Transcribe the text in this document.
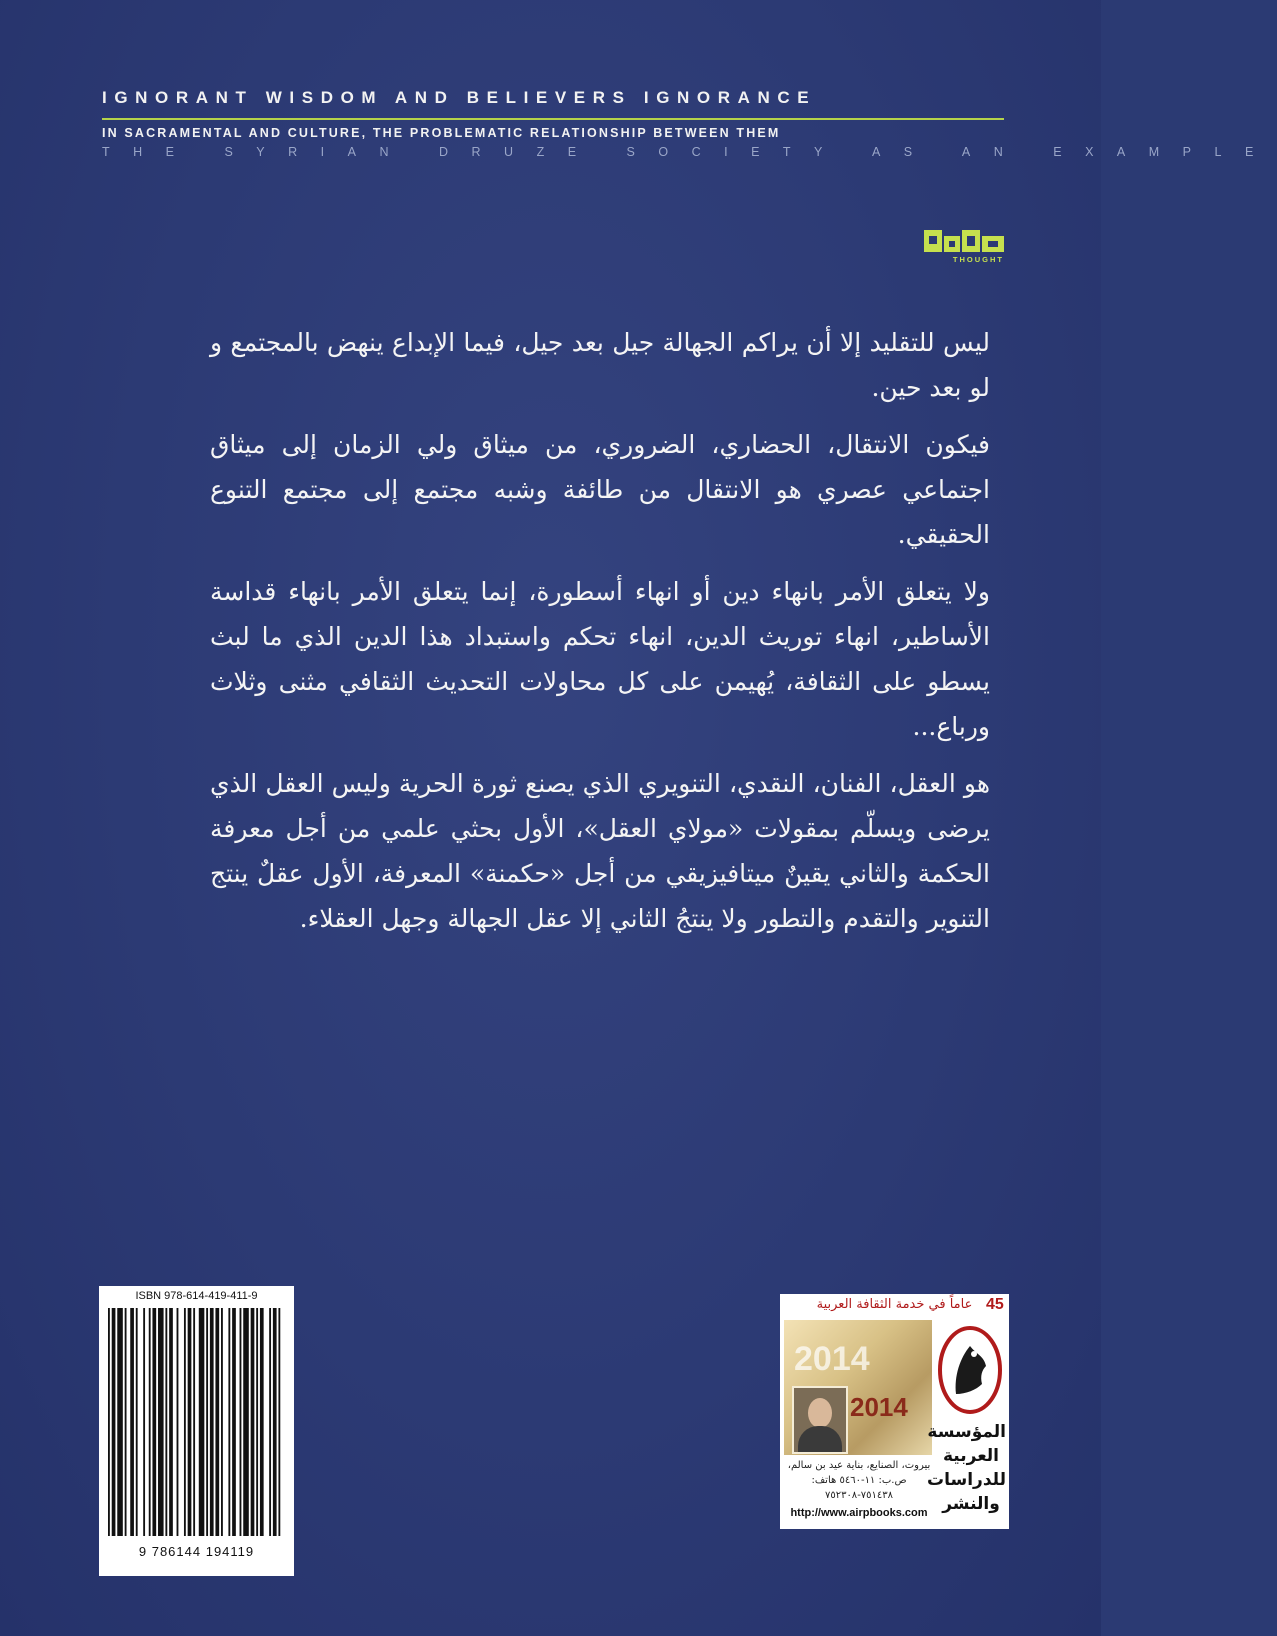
IGNORANT WISDOM AND BELIEVERS IGNORANCE
IN SACRAMENTAL AND CULTURE, THE PROBLEMATIC RELATIONSHIP BETWEEN THEM
THE SYRIAN DRUZE SOCIETY AS AN EXAMPLE
THOUGHT

ليس للتقليد إلا أن يراكم الجهالة جيل بعد جيل، فيما الإبداع ينهض بالمجتمع و لو بعد حين.

فيكون الانتقال، الحضاري، الضروري، من ميثاق ولي الزمان إلى ميثاق اجتماعي عصري هو الانتقال من طائفة وشبه مجتمع إلى مجتمع التنوع الحقيقي.

ولا يتعلق الأمر بانهاء دين أو انهاء أسطورة، إنما يتعلق الأمر بانهاء قداسة الأساطير، انهاء توريث الدين، انهاء تحكم واستبداد هذا الدين الذي ما لبث يسطو على الثقافة، يُهيمن على كل محاولات التحديث الثقافي مثنى وثلاث ورباع...

هو العقل، الفنان، النقدي، التنويري الذي يصنع ثورة الحرية وليس العقل الذي يرضى ويسلّم بمقولات «مولاي العقل»، الأول بحثي علمي من أجل معرفة الحكمة والثاني يقينٌ ميتافيزيقي من أجل «حكمنة» المعرفة، الأول عقلٌ ينتج التنوير والتقدم والتطور ولا ينتجُ الثاني إلا عقل الجهالة وجهل العقلاء.

ISBN 978-614-419-411-9
9 786144 194119
عاماً في خدمة الثقافة العربية 45
2014
2014
المؤسسة العربية للدراسات والنشر
بيروت، الصنايع، بناية عيد بن سالم، ص.ب: ١١-٥٤٦٠ هاتف: ٧٥١٤٣٨-٧٥٢٣٠٨
http://www.airpbooks.com
